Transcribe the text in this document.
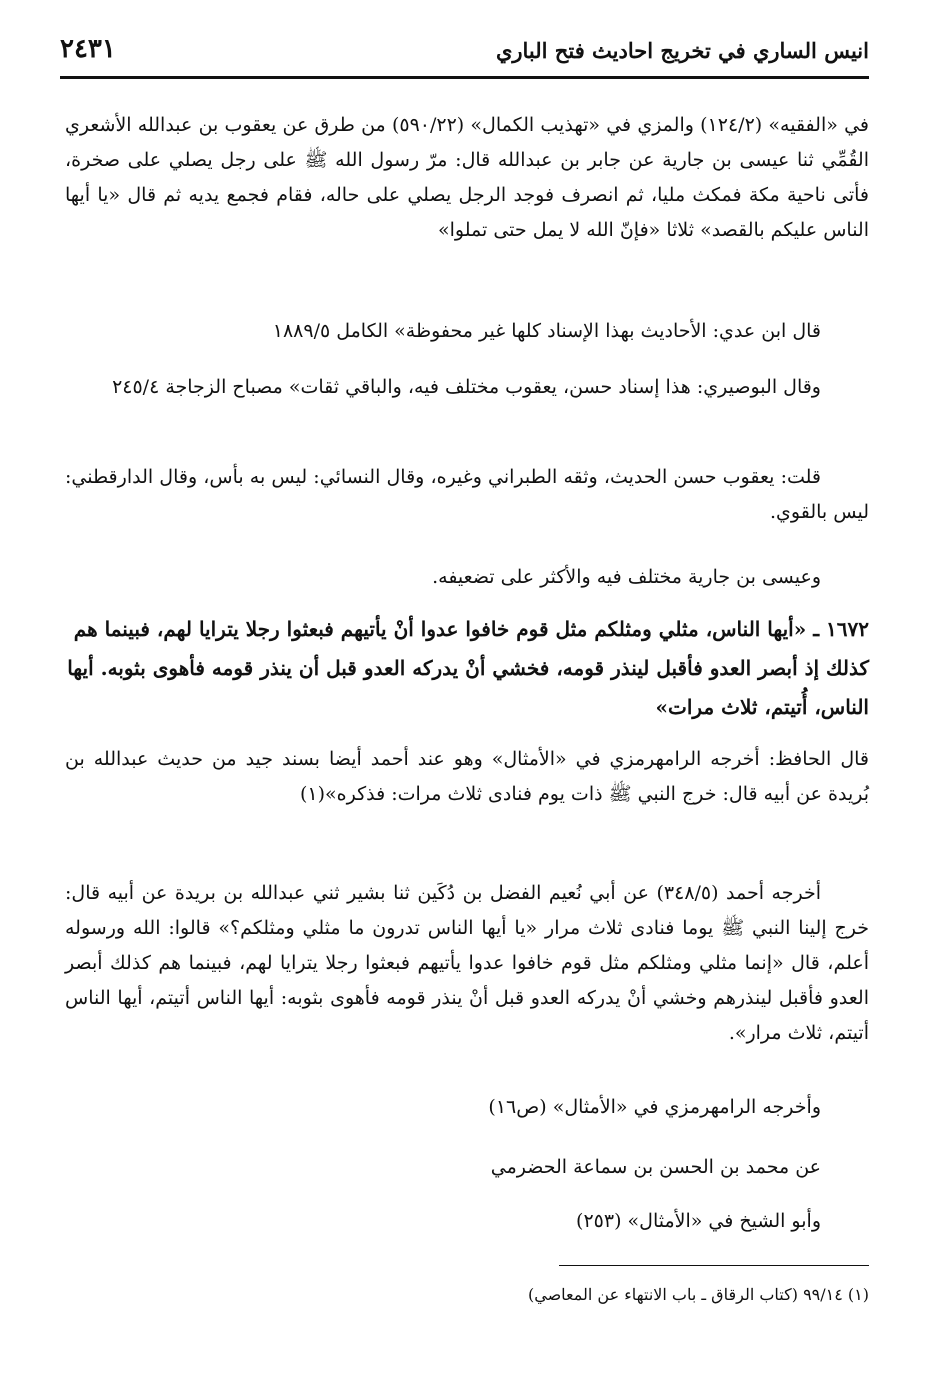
انيس الساري في تخريج احاديث فتح الباري
٢٤٣١
في «الفقيه» (١٢٤/٢) والمزي في «تهذيب الكمال» (٥٩٠/٢٢) من طرق عن يعقوب بن عبدالله الأشعري القُمِّي ثنا عيسى بن جارية عن جابر بن عبدالله قال: مرّ رسول الله ﷺ على رجل يصلي على صخرة، فأتى ناحية مكة فمكث مليا، ثم انصرف فوجد الرجل يصلي على حاله، فقام فجمع يديه ثم قال «يا أيها الناس عليكم بالقصد» ثلاثا «فإنّ الله لا يمل حتى تملوا»
قال ابن عدي: الأحاديث بهذا الإسناد كلها غير محفوظة» الكامل ١٨٨٩/٥
وقال البوصيري: هذا إسناد حسن، يعقوب مختلف فيه، والباقي ثقات» مصباح الزجاجة ٢٤٥/٤
قلت: يعقوب حسن الحديث، وثقه الطبراني وغيره، وقال النسائي: ليس به بأس، وقال الدارقطني: ليس بالقوي.
وعيسى بن جارية مختلف فيه والأكثر على تضعيفه.
١٦٧٢ ـ «أيها الناس، مثلي ومثلكم مثل قوم خافوا عدوا أنْ يأتيهم فبعثوا رجلا يترايا لهم، فبينما هم كذلك إذ أبصر العدو فأقبل لينذر قومه، فخشي أنْ يدركه العدو قبل أن ينذر قومه فأهوى بثوبه. أيها الناس، أُتيتم، ثلاث مرات»
قال الحافظ: أخرجه الرامهرمزي في «الأمثال» وهو عند أحمد أيضا بسند جيد من حديث عبدالله بن بُريدة عن أبيه قال: خرج النبي ﷺ ذات يوم فنادى ثلاث مرات: فذكره»(١)
أخرجه أحمد (٣٤٨/٥) عن أبي نُعيم الفضل بن دُكَين ثنا بشير ثني عبدالله بن بريدة عن أبيه قال: خرج إلينا النبي ﷺ يوما فنادى ثلاث مرار «يا أيها الناس تدرون ما مثلي ومثلكم؟» قالوا: الله ورسوله أعلم، قال «إنما مثلي ومثلكم مثل قوم خافوا عدوا يأتيهم فبعثوا رجلا يترايا لهم، فبينما هم كذلك أبصر العدو فأقبل لينذرهم وخشي أنْ يدركه العدو قبل أنْ ينذر قومه فأهوى بثوبه: أيها الناس أتيتم، أيها الناس أتيتم، ثلاث مرار».
وأخرجه الرامهرمزي في «الأمثال» (ص١٦)
عن محمد بن الحسن بن سماعة الحضرمي
وأبو الشيخ في «الأمثال» (٢٥٣)
(١) ٩٩/١٤ (كتاب الرقاق ـ باب الانتهاء عن المعاصي)
